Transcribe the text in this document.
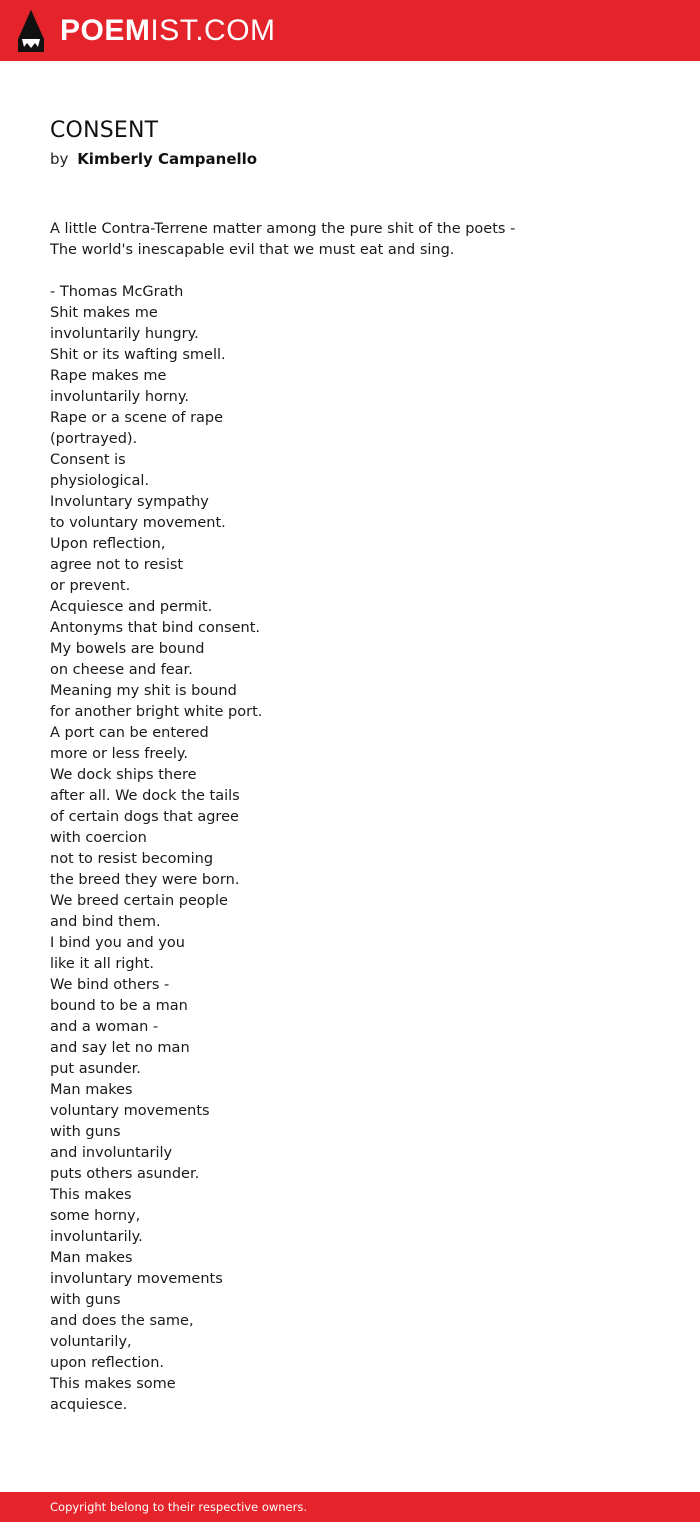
POEMIST.COM
CONSENT
by Kimberly Campanello
A little Contra-Terrene matter among the pure shit of the poets -
The world's inescapable evil that we must eat and sing.
- Thomas McGrath
Shit makes me
involuntarily hungry.
Shit or its wafting smell.
Rape makes me
involuntarily horny.
Rape or a scene of rape
(portrayed).
Consent is
physiological.
Involuntary sympathy
to voluntary movement.
Upon reflection,
agree not to resist
or prevent.
Acquiesce and permit.
Antonyms that bind consent.
My bowels are bound
on cheese and fear.
Meaning my shit is bound
for another bright white port.
A port can be entered
more or less freely.
We dock ships there
after all. We dock the tails
of certain dogs that agree
with coercion
not to resist becoming
the breed they were born.
We breed certain people
and bind them.
I bind you and you
like it all right.
We bind others -
bound to be a man
and a woman -
and say let no man
put asunder.
Man makes
voluntary movements
with guns
and involuntarily
puts others asunder.
This makes
some horny,
involuntarily.
Man makes
involuntary movements
with guns
and does the same,
voluntarily,
upon reflection.
This makes some
acquiesce.
Copyright belong to their respective owners.
